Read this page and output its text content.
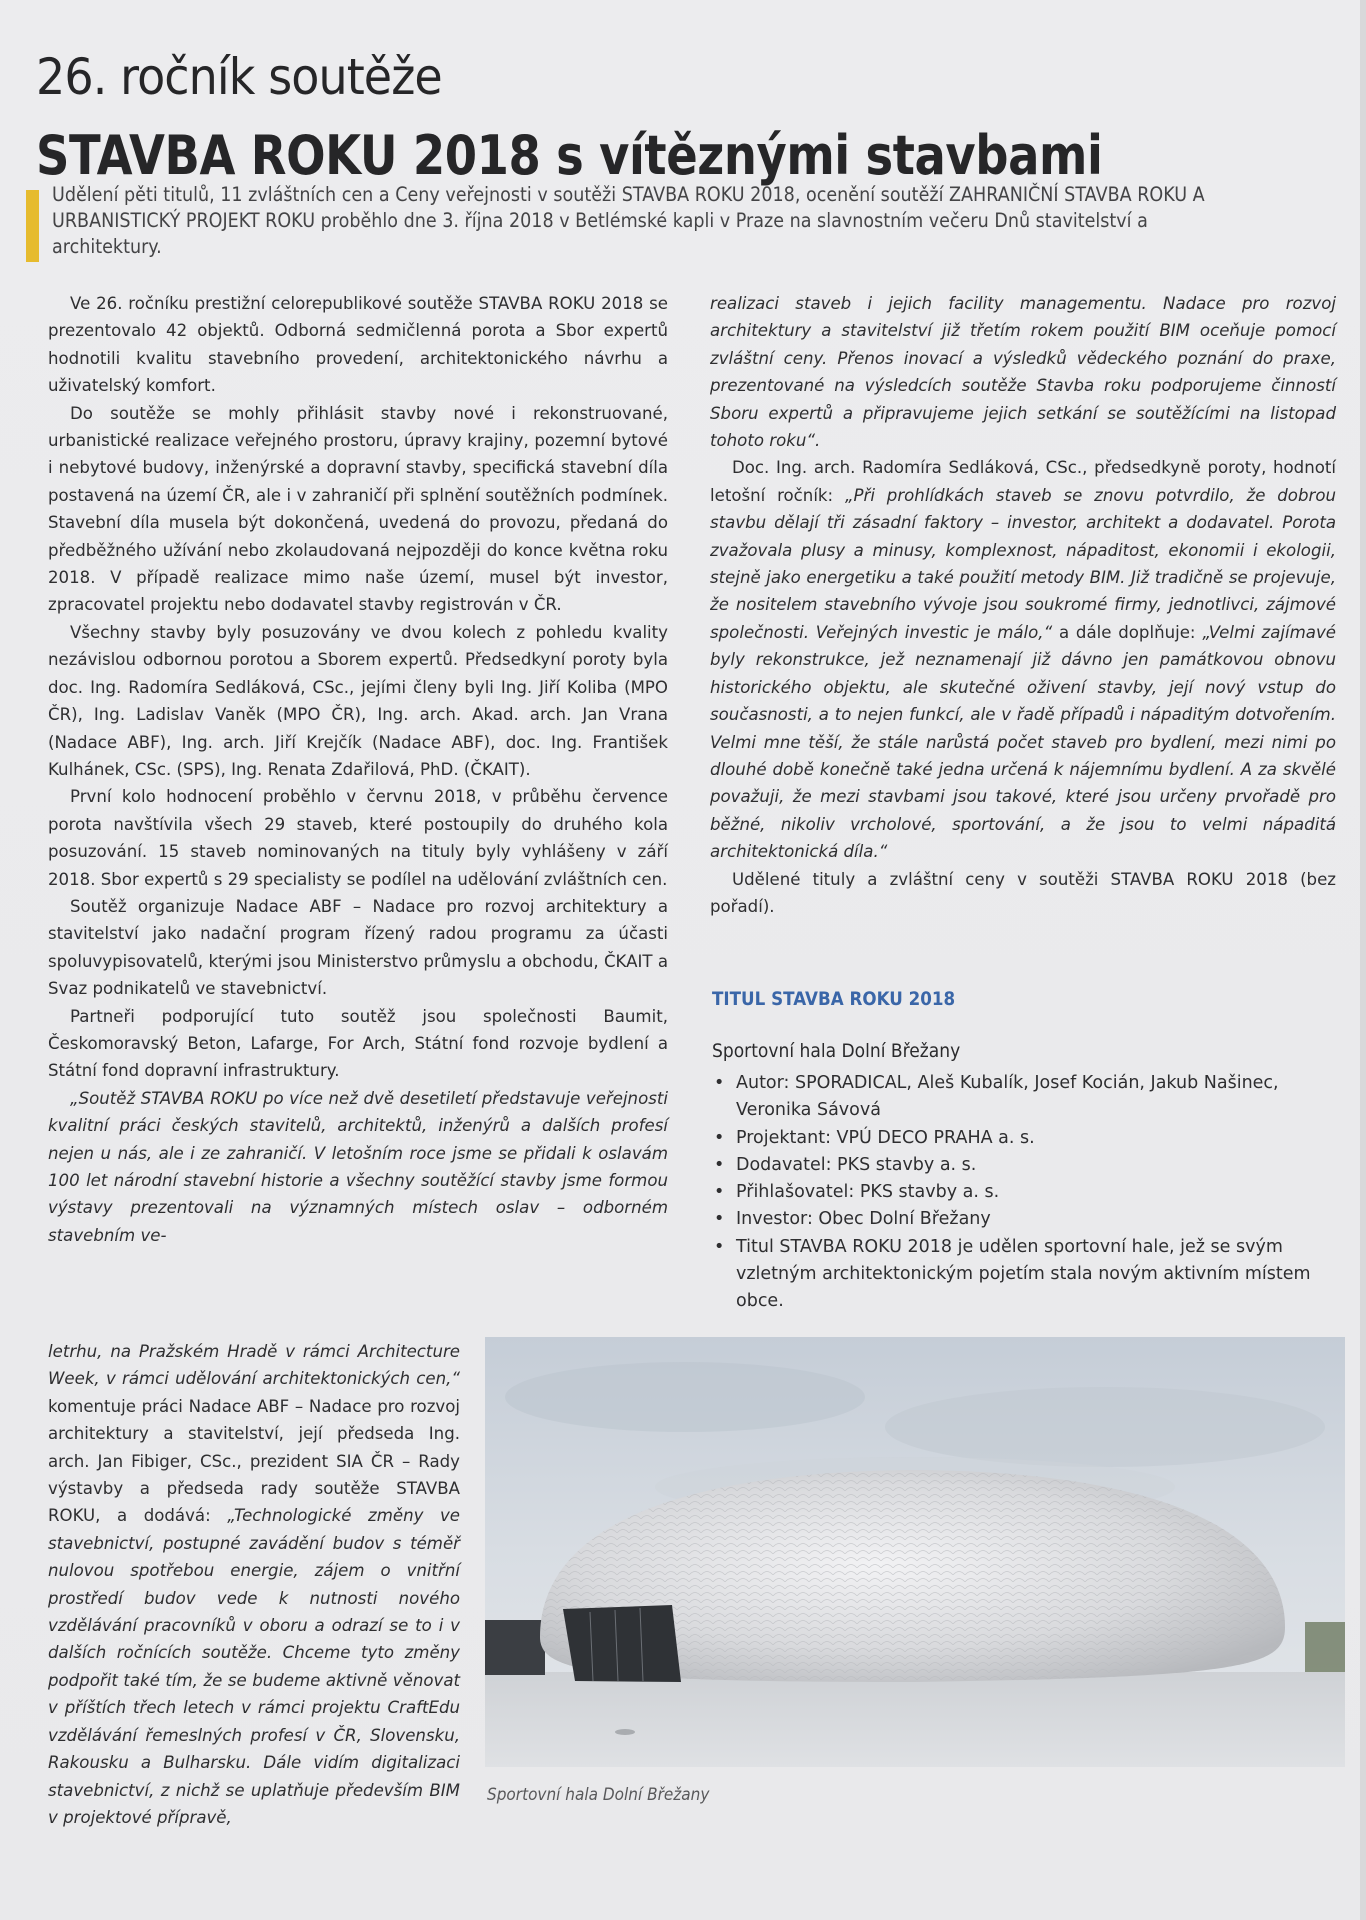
26. ročník soutěže
STAVBA ROKU 2018 s vítěznými stavbami

Udělení pěti titulů, 11 zvláštních cen a Ceny veřejnosti v soutěži STAVBA ROKU 2018, ocenění soutěží ZAHRANIČNÍ STAVBA ROKU A URBANISTICKÝ PROJEKT ROKU proběhlo dne 3. října 2018 v Betlémské kapli v Praze na slavnostním večeru Dnů stavitelství a architektury.

Ve 26. ročníku prestižní celorepublikové soutěže STAVBA ROKU 2018 se prezentovalo 42 objektů. Odborná sedmičlenná porota a Sbor expertů hodnotili kvalitu stavebního provedení, architektonického návrhu a uživatelský komfort.

Do soutěže se mohly přihlásit stavby nové i rekonstruované, urbanistické realizace veřejného prostoru, úpravy krajiny, pozemní bytové i nebytové budovy, inženýrské a dopravní stavby, specifická stavební díla postavená na území ČR, ale i v zahraničí při splnění soutěžních podmínek. Stavební díla musela být dokončená, uvedená do provozu, předaná do předběžného užívání nebo zkolaudovaná nejpozději do konce května roku 2018. V případě realizace mimo naše území, musel být investor, zpracovatel projektu nebo dodavatel stavby registrován v ČR.

Všechny stavby byly posuzovány ve dvou kolech z pohledu kvality nezávislou odbornou porotou a Sborem expertů. Předsedkyní poroty byla doc. Ing. Radomíra Sedláková, CSc., jejími členy byli Ing. Jiří Koliba (MPO ČR), Ing. Ladislav Vaněk (MPO ČR), Ing. arch. Akad. arch. Jan Vrana (Nadace ABF), Ing. arch. Jiří Krejčík (Nadace ABF), doc. Ing. František Kulhánek, CSc. (SPS), Ing. Renata Zdařilová, PhD. (ČKAIT).

První kolo hodnocení proběhlo v červnu 2018, v průběhu července porota navštívila všech 29 staveb, které postoupily do druhého kola posuzování. 15 staveb nominovaných na tituly byly vyhlášeny v září 2018. Sbor expertů s 29 specialisty se podílel na udělování zvláštních cen.

Soutěž organizuje Nadace ABF – Nadace pro rozvoj architektury a stavitelství jako nadační program řízený radou programu za účasti spoluvypisovatelů, kterými jsou Ministerstvo průmyslu a obchodu, ČKAIT a Svaz podnikatelů ve stavebnictví.

Partneři podporující tuto soutěž jsou společnosti Baumit, Českomoravský Beton, Lafarge, For Arch, Státní fond rozvoje bydlení a Státní fond dopravní infrastruktury.

„Soutěž STAVBA ROKU po více než dvě desetiletí představuje veřejnosti kvalitní práci českých stavitelů, architektů, inženýrů a dalších profesí nejen u nás, ale i ze zahraničí. V letošním roce jsme se přidali k oslavám 100 let národní stavební historie a všechny soutěžící stavby jsme formou výstavy prezentovali na významných místech oslav – odborném stavebním ve-

letrhu, na Pražském Hradě v rámci Architecture Week, v rámci udělování architektonických cen,“ komentuje práci Nadace ABF – Nadace pro rozvoj architektury a stavitelství, její předseda Ing. arch. Jan Fibiger, CSc., prezident SIA ČR – Rady výstavby a předseda rady soutěže STAVBA ROKU, a dodává: „Technologické změny ve stavebnictví, postupné zavádění budov s téměř nulovou spotřebou energie, zájem o vnitřní prostředí budov vede k nutnosti nového vzdělávání pracovníků v oboru a odrazí se to i v dalších ročnících soutěže. Chceme tyto změny podpořit také tím, že se budeme aktivně věnovat v příštích třech letech v rámci projektu CraftEdu vzdělávání řemeslných profesí v ČR, Slovensku, Rakousku a Bulharsku. Dále vidím digitalizaci stavebnictví, z nichž se uplatňuje především BIM v projektové přípravě,

realizaci staveb i jejich facility managementu. Nadace pro rozvoj architektury a stavitelství již třetím rokem použití BIM oceňuje pomocí zvláštní ceny. Přenos inovací a výsledků vědeckého poznání do praxe, prezentované na výsledcích soutěže Stavba roku podporujeme činností Sboru expertů a připravujeme jejich setkání se soutěžícími na listopad tohoto roku“.

Doc. Ing. arch. Radomíra Sedláková, CSc., předsedkyně poroty, hodnotí letošní ročník: „Při prohlídkách staveb se znovu potvrdilo, že dobrou stavbu dělají tři zásadní faktory – investor, architekt a dodavatel. Porota zvažovala plusy a minusy, komplexnost, nápaditost, ekonomii i ekologii, stejně jako energetiku a také použití metody BIM. Již tradičně se projevuje, že nositelem stavebního vývoje jsou soukromé firmy, jednotlivci, zájmové společnosti. Veřejných investic je málo,“ a dále doplňuje: „Velmi zajímavé byly rekonstrukce, jež neznamenají již dávno jen památkovou obnovu historického objektu, ale skutečné oživení stavby, její nový vstup do současnosti, a to nejen funkcí, ale v řadě případů i nápaditým dotvořením. Velmi mne těší, že stále narůstá počet staveb pro bydlení, mezi nimi po dlouhé době konečně také jedna určená k nájemnímu bydlení. A za skvělé považuji, že mezi stavbami jsou takové, které jsou určeny prvořadě pro běžné, nikoliv vrcholové, sportování, a že jsou to velmi nápaditá architektonická díla.“

Udělené tituly a zvláštní ceny v soutěži STAVBA ROKU 2018 (bez pořadí).

TITUL STAVBA ROKU 2018
Sportovní hala Dolní Břežany
• Autor: SPORADICAL, Aleš Kubalík, Josef Kocián, Jakub Našinec, Veronika Sávová
• Projektant: VPÚ DECO PRAHA a. s.
• Dodavatel: PKS stavby a. s.
• Přihlašovatel: PKS stavby a. s.
• Investor: Obec Dolní Břežany
• Titul STAVBA ROKU 2018 je udělen sportovní hale, jež se svým vzletným architektonickým pojetím stala novým aktivním místem obce.
Sportovní hala Dolní Břežany
